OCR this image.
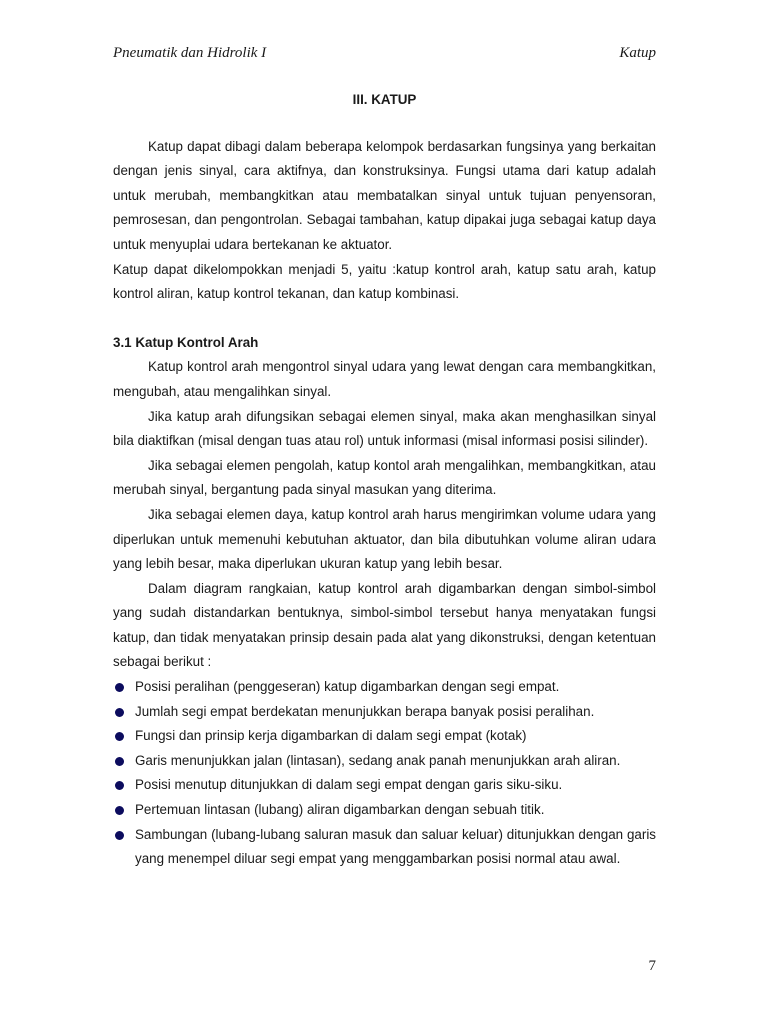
Pneumatik dan Hidrolik I	Katup
III. KATUP

Katup dapat dibagi dalam beberapa kelompok berdasarkan fungsinya yang berkaitan dengan jenis sinyal, cara aktifnya, dan konstruksinya. Fungsi utama dari katup adalah untuk merubah, membangkitkan atau membatalkan sinyal untuk tujuan penyensoran, pemrosesan, dan pengontrolan. Sebagai tambahan, katup dipakai juga sebagai katup daya untuk menyuplai udara bertekanan ke aktuator.

Katup dapat dikelompokkan menjadi 5, yaitu :katup kontrol arah, katup satu arah, katup kontrol aliran, katup kontrol tekanan, dan katup kombinasi.

3.1 Katup Kontrol Arah

Katup kontrol arah mengontrol sinyal udara yang lewat dengan cara membangkitkan, mengubah, atau mengalihkan sinyal.

Jika katup arah difungsikan sebagai elemen sinyal, maka akan menghasilkan sinyal bila diaktifkan (misal dengan tuas atau rol) untuk informasi (misal informasi posisi silinder).

Jika sebagai elemen pengolah, katup kontol arah mengalihkan, membangkitkan, atau merubah sinyal, bergantung pada sinyal masukan yang diterima.

Jika sebagai elemen daya, katup kontrol arah harus mengirimkan volume udara yang diperlukan untuk memenuhi kebutuhan aktuator, dan bila dibutuhkan volume aliran udara yang lebih besar, maka diperlukan ukuran katup yang lebih besar.

Dalam diagram rangkaian, katup kontrol arah digambarkan dengan simbol-simbol yang sudah distandarkan bentuknya, simbol-simbol tersebut hanya menyatakan fungsi katup, dan tidak menyatakan prinsip desain pada alat yang dikonstruksi, dengan ketentuan sebagai berikut :

Posisi peralihan (penggeseran) katup digambarkan dengan segi empat.
Jumlah segi empat berdekatan menunjukkan berapa banyak posisi peralihan.
Fungsi dan prinsip kerja digambarkan di dalam segi empat (kotak)
Garis menunjukkan jalan (lintasan), sedang anak panah menunjukkan arah aliran.
Posisi menutup ditunjukkan di dalam segi empat dengan garis siku-siku.
Pertemuan lintasan (lubang) aliran digambarkan dengan sebuah titik.
Sambungan (lubang-lubang saluran masuk dan saluar keluar) ditunjukkan dengan garis yang menempel diluar segi empat yang menggambarkan posisi normal atau awal.
7
